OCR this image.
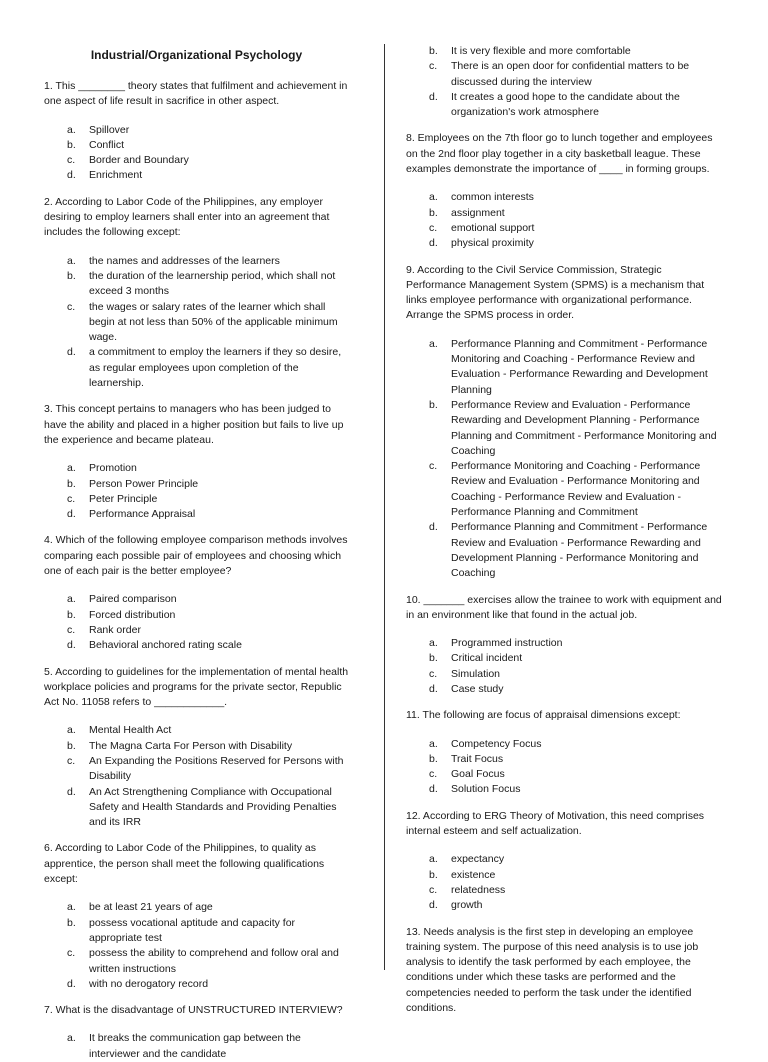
Industrial/Organizational Psychology

1. This ________ theory states that fulfilment and achievement in one aspect of life result in sacrifice in other aspect.

a. Spillover
b. Conflict
c. Border and Boundary
d. Enrichment

2. According to Labor Code of the Philippines, any employer desiring to employ learners shall enter into an agreement that includes the following except:

a. the names and addresses of the learners
b. the duration of the learnership period, which shall not exceed 3 months
c. the wages or salary rates of the learner which shall begin at not less than 50% of the applicable minimum wage.
d. a commitment to employ the learners if they so desire, as regular employees upon completion of the learnership.

3. This concept pertains to managers who has been judged to have the ability and placed in a higher position but fails to live up the experience and became plateau.

a. Promotion
b. Person Power Principle
c. Peter Principle
d. Performance Appraisal

4. Which of the following employee comparison methods involves comparing each possible pair of employees and choosing which one of each pair is the better employee?

a. Paired comparison
b. Forced distribution
c. Rank order
d. Behavioral anchored rating scale

5. According to guidelines for the implementation of mental health workplace policies and programs for the private sector, Republic Act No. 11058 refers to ____________.

a. Mental Health Act
b. The Magna Carta For Person with Disability
c. An Expanding the Positions Reserved for Persons with Disability
d. An Act Strengthening Compliance with Occupational Safety and Health Standards and Providing Penalties and its IRR

6. According to Labor Code of the Philippines, to quality as apprentice, the person shall meet the following qualifications except:

a. be at least 21 years of age
b. possess vocational aptitude and capacity for appropriate test
c. possess the ability to comprehend and follow oral and written instructions
d. with no derogatory record

7. What is the disadvantage of UNSTRUCTURED INTERVIEW?

a. It breaks the communication gap between the interviewer and the candidate
b. It is very flexible and more comfortable
c. There is an open door for confidential matters to be discussed during the interview
d. It creates a good hope to the candidate about the organization's work atmosphere

8. Employees on the 7th floor go to lunch together and employees on the 2nd floor play together in a city basketball league. These examples demonstrate the importance of ____ in forming groups.

a. common interests
b. assignment
c. emotional support
d. physical proximity

9. According to the Civil Service Commission, Strategic Performance Management System (SPMS) is a mechanism that links employee performance with organizational performance. Arrange the SPMS process in order.

a. Performance Planning and Commitment - Performance Monitoring and Coaching - Performance Review and Evaluation - Performance Rewarding and Development Planning
b. Performance Review and Evaluation - Performance Rewarding and Development Planning - Performance Planning and Commitment - Performance Monitoring and Coaching
c. Performance Monitoring and Coaching - Performance Review and Evaluation - Performance Monitoring and Coaching - Performance Review and Evaluation - Performance Planning and Commitment
d. Performance Planning and Commitment - Performance Review and Evaluation - Performance Rewarding and Development Planning - Performance Monitoring and Coaching

10. _______ exercises allow the trainee to work with equipment and in an environment like that found in the actual job.

a. Programmed instruction
b. Critical incident
c. Simulation
d. Case study

11. The following are focus of appraisal dimensions except:

a. Competency Focus
b. Trait Focus
c. Goal Focus
d. Solution Focus

12. According to ERG Theory of Motivation, this need comprises internal esteem and self actualization.

a. expectancy
b. existence
c. relatedness
d. growth

13. Needs analysis is the first step in developing an employee training system. The purpose of this need analysis is to use job analysis to identify the task performed by each employee, the conditions under which these tasks are performed and the competencies needed to perform the task under the identified conditions.
